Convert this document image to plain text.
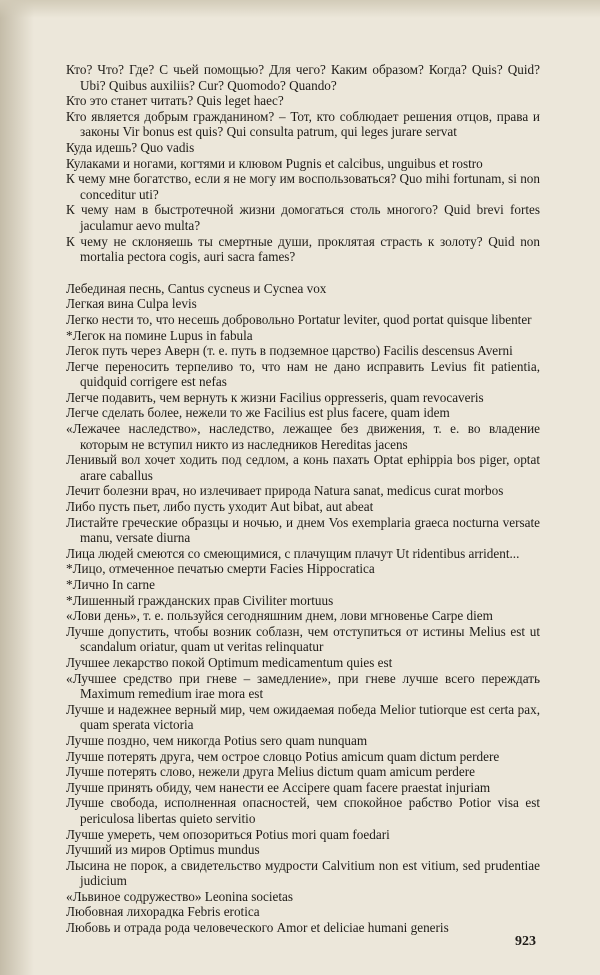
Кто? Что? Где? С чьей помощью? Для чего? Каким образом? Когда? Quis? Quid? Ubi? Quibus auxiliis? Cur? Quomodo? Quando?

Кто это станет читать? Quis leget haec?

Кто является добрым гражданином? – Тот, кто соблюдает решения отцов, права и законы Vir bonus est quis? Qui consulta patrum, qui leges jurare servat

Куда идешь? Quo vadis

Кулаками и ногами, когтями и клювом Pugnis et calcibus, unguibus et rostro

К чему мне богатство, если я не могу им воспользоваться? Quo mihi fortunam, si non conceditur uti?

К чему нам в быстротечной жизни домогаться столь многого? Quid brevi fortes jaculamur aevo multa?

К чему не склоняешь ты смертные души, проклятая страсть к золоту? Quid non mortalia pectora cogis, auri sacra fames?

Лебединая песнь, Cantus cycneus и Cycnea vox

Легкая вина Culpa levis

Легко нести то, что несешь добровольно Portatur leviter, quod portat quisque libenter

*Легок на помине Lupus in fabula

Легок путь через Аверн (т. е. путь в подземное царство) Facilis descensus Averni

Легче переносить терпеливо то, что нам не дано исправить Levius fit patientia, quidquid corrigere est nefas

Легче подавить, чем вернуть к жизни Facilius oppresseris, quam revocaveris

Легче сделать более, нежели то же Facilius est plus facere, quam idem

«Лежачее наследство», наследство, лежащее без движения, т. е. во владение которым не вступил никто из наследников Hereditas jacens

Ленивый вол хочет ходить под седлом, а конь пахать Optat ephippia bos piger, optat arare caballus

Лечит болезни врач, но излечивает природа Natura sanat, medicus curat morbos

Либо пусть пьет, либо пусть уходит Aut bibat, aut abeat

Листайте греческие образцы и ночью, и днем Vos exemplaria graeca nocturna versate manu, versate diurna

Лица людей смеются со смеющимися, с плачущим плачут Ut ridentibus arrident...

*Лицо, отмеченное печатью смерти Facies Hippocratica

*Лично In carne

*Лишенный гражданских прав Civiliter mortuus

«Лови день», т. е. пользуйся сегодняшним днем, лови мгновенье Carpe diem

Лучше допустить, чтобы возник соблазн, чем отступиться от истины Melius est ut scandalum oriatur, quam ut veritas relinquatur

Лучшее лекарство покой Optimum medicamentum quies est

«Лучшее средство при гневе – замедление», при гневе лучше всего переждать Maximum remedium irae mora est

Лучше и надежнее верный мир, чем ожидаемая победа Melior tutiorque est certa pax, quam sperata victoria

Лучше поздно, чем никогда Potius sero quam nunquam

Лучше потерять друга, чем острое словцо Potius amicum quam dictum perdere

Лучше потерять слово, нежели друга Melius dictum quam amicum perdere

Лучше принять обиду, чем нанести ее Accipere quam facere praestat injuriam

Лучше свобода, исполненная опасностей, чем спокойное рабство Potior visa est periculosa libertas quieto servitio

Лучше умереть, чем опозориться Potius mori quam foedari

Лучший из миров Optimus mundus

Лысина не порок, а свидетельство мудрости Calvitium non est vitium, sed prudentiae judicium

«Львиное содружество» Leonina societas

Любовная лихорадка Febris erotica

Любовь и отрада рода человеческого Amor et deliciae humani generis

923
